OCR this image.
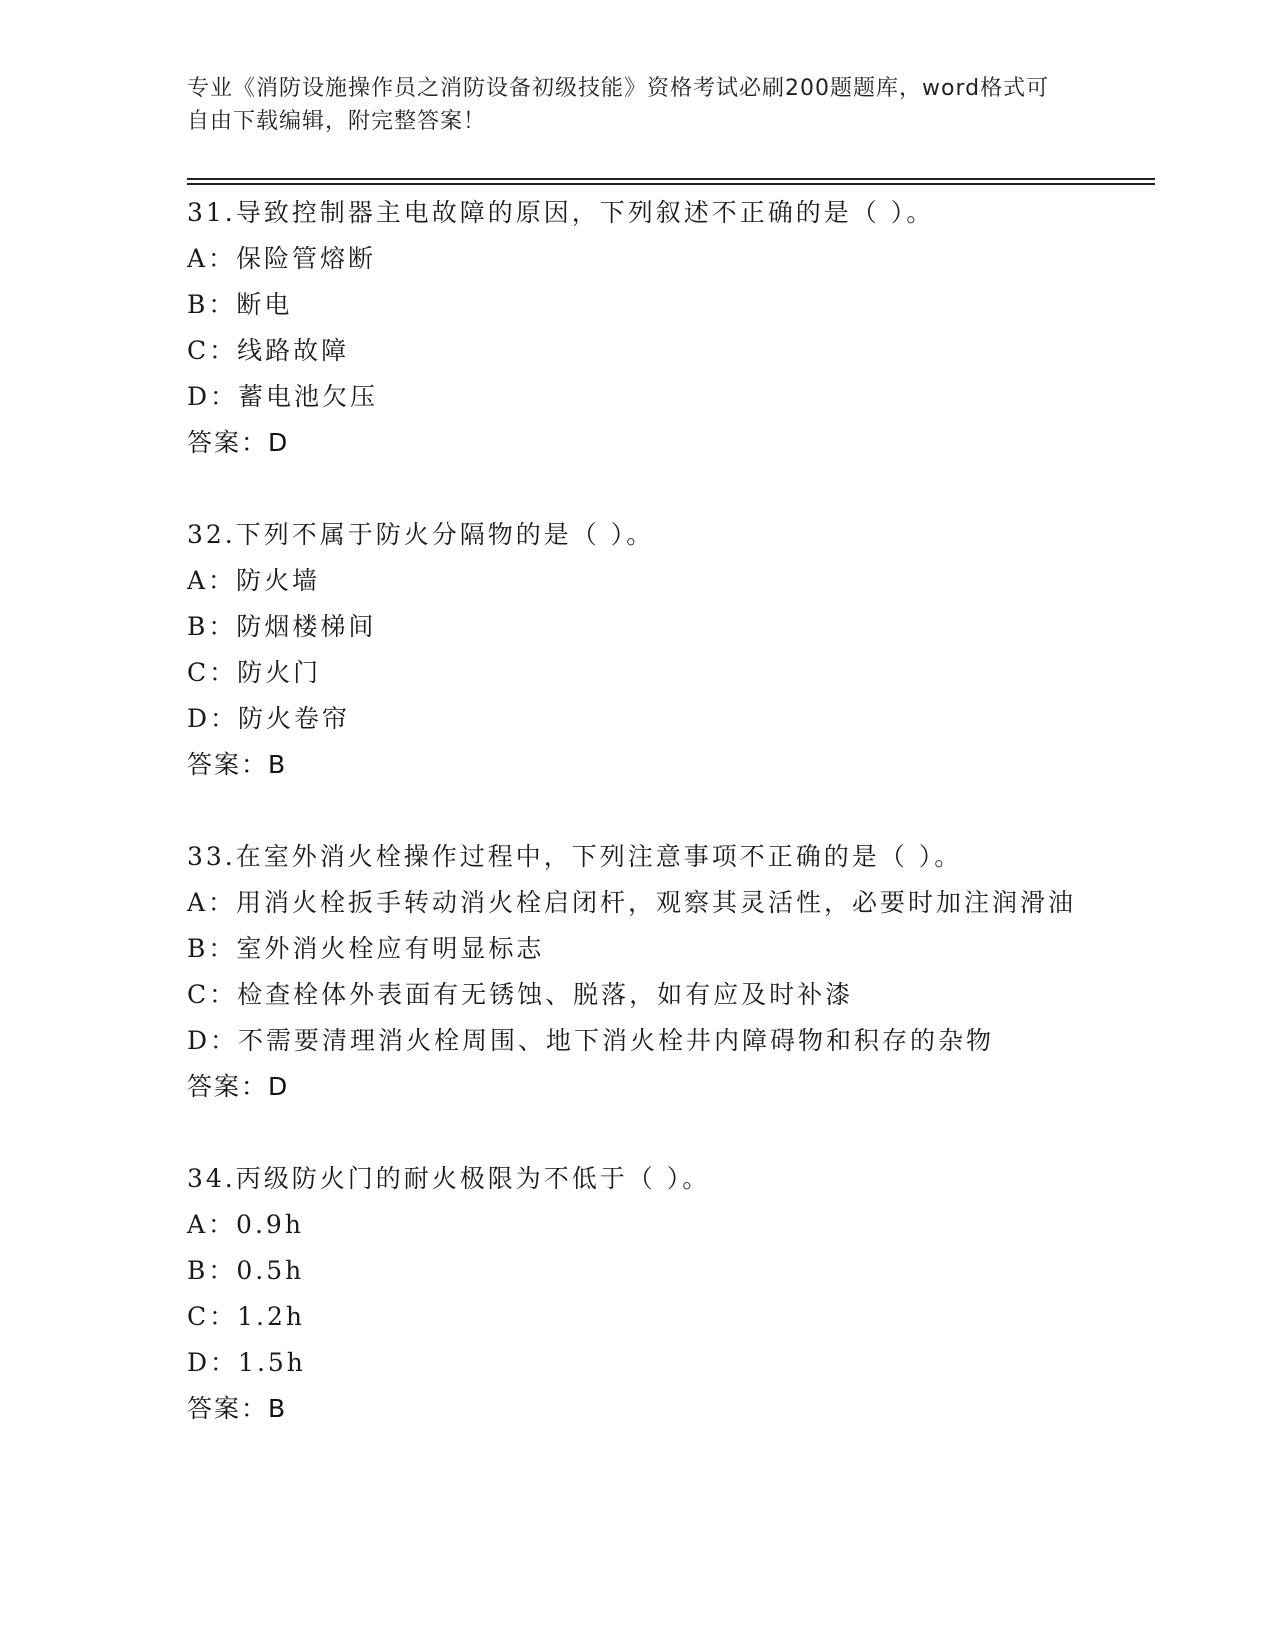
专业《消防设施操作员之消防设备初级技能》资格考试必刷200题题库，word格式可自由下载编辑，附完整答案！
31.导致控制器主电故障的原因，下列叙述不正确的是（ ）。
A：保险管熔断
B：断电
C：线路故障
D：蓄电池欠压
答案：D
32.下列不属于防火分隔物的是（ ）。
A：防火墙
B：防烟楼梯间
C：防火门
D：防火卷帘
答案：B
33.在室外消火栓操作过程中，下列注意事项不正确的是（ ）。
A：用消火栓扳手转动消火栓启闭杆，观察其灵活性，必要时加注润滑油
B：室外消火栓应有明显标志
C：检查栓体外表面有无锈蚀、脱落，如有应及时补漆
D：不需要清理消火栓周围、地下消火栓井内障碍物和积存的杂物
答案：D
34.丙级防火门的耐火极限为不低于（ ）。
A：0.9h
B：0.5h
C：1.2h
D：1.5h
答案：B
